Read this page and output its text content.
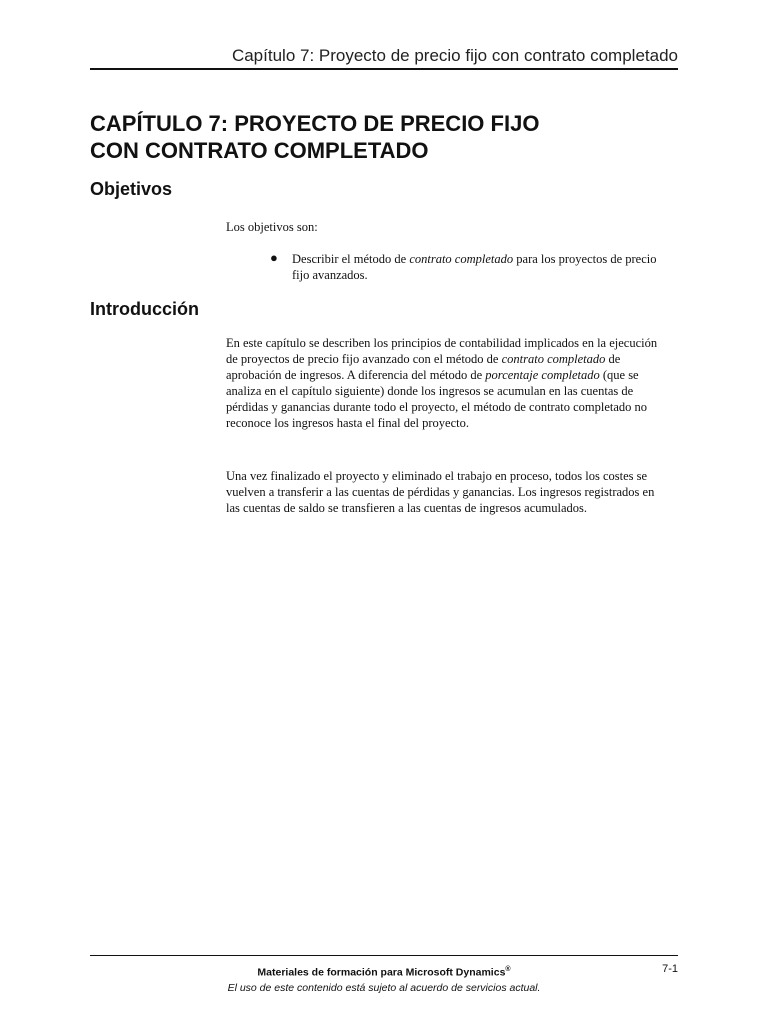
Capítulo 7: Proyecto de precio fijo con contrato completado
CAPÍTULO 7: PROYECTO DE PRECIO FIJO
CON CONTRATO COMPLETADO
Objetivos

Los objetivos son:

● Describir el método de contrato completado para los proyectos de precio fijo avanzados.
Introducción

En este capítulo se describen los principios de contabilidad implicados en la ejecución de proyectos de precio fijo avanzado con el método de contrato completado de aprobación de ingresos. A diferencia del método de porcentaje completado (que se analiza en el capítulo siguiente) donde los ingresos se acumulan en las cuentas de pérdidas y ganancias durante todo el proyecto, el método de contrato completado no reconoce los ingresos hasta el final del proyecto.

Una vez finalizado el proyecto y eliminado el trabajo en proceso, todos los costes se vuelven a transferir a las cuentas de pérdidas y ganancias. Los ingresos registrados en las cuentas de saldo se transfieren a las cuentas de ingresos acumulados.

Materiales de formación para Microsoft Dynamics®
El uso de este contenido está sujeto al acuerdo de servicios actual.
7-1
